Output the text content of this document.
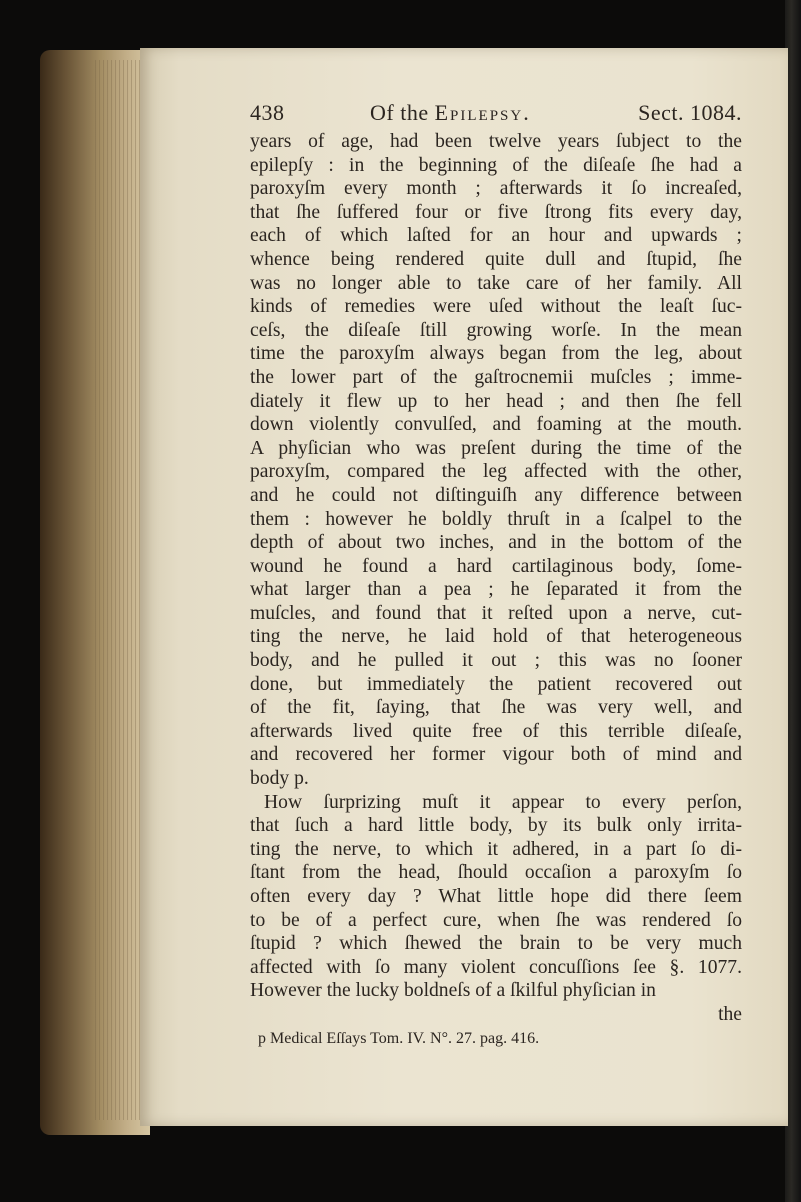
438	Of the Epilepsy.	Sect. 1084.
years of age, had been twelve years ſubject to the
epilepſy : in the beginning of the diſeaſe ſhe had a
paroxyſm every month ; afterwards it ſo increaſed,
that ſhe ſuffered four or five ſtrong fits every day,
each of which laſted for an hour and upwards ;
whence being rendered quite dull and ſtupid, ſhe
was no longer able to take care of her family. All
kinds of remedies were uſed without the leaſt ſuc-
ceſs, the diſeaſe ſtill growing worſe. In the mean
time the paroxyſm always began from the leg, about
the lower part of the gaſtrocnemii muſcles ; imme-
diately it flew up to her head ; and then ſhe fell
down violently convulſed, and foaming at the mouth.
A phyſician who was preſent during the time of the
paroxyſm, compared the leg affected with the other,
and he could not diſtinguiſh any difference between
them : however he boldly thruſt in a ſcalpel to the
depth of about two inches, and in the bottom of the
wound he found a hard cartilaginous body, ſome-
what larger than a pea ; he ſeparated it from the
muſcles, and found that it reſted upon a nerve, cut-
ting the nerve, he laid hold of that heterogeneous
body, and he pulled it out ; this was no ſooner
done, but immediately the patient recovered out
of the fit, ſaying, that ſhe was very well, and
afterwards lived quite free of this terrible diſeaſe,
and recovered her former vigour both of mind and
body p.
How ſurprizing muſt it appear to every perſon,
that ſuch a hard little body, by its bulk only irrita-
ting the nerve, to which it adhered, in a part ſo di-
ſtant from the head, ſhould occaſion a paroxyſm ſo
often every day ? What little hope did there ſeem
to be of a perfect cure, when ſhe was rendered ſo
ſtupid ? which ſhewed the brain to be very much
affected with ſo many violent concuſſions ſee §. 1077.
However the lucky boldneſs of a ſkilful phyſician in
the
p Medical Eſſays Tom. IV. N°. 27. pag. 416.
